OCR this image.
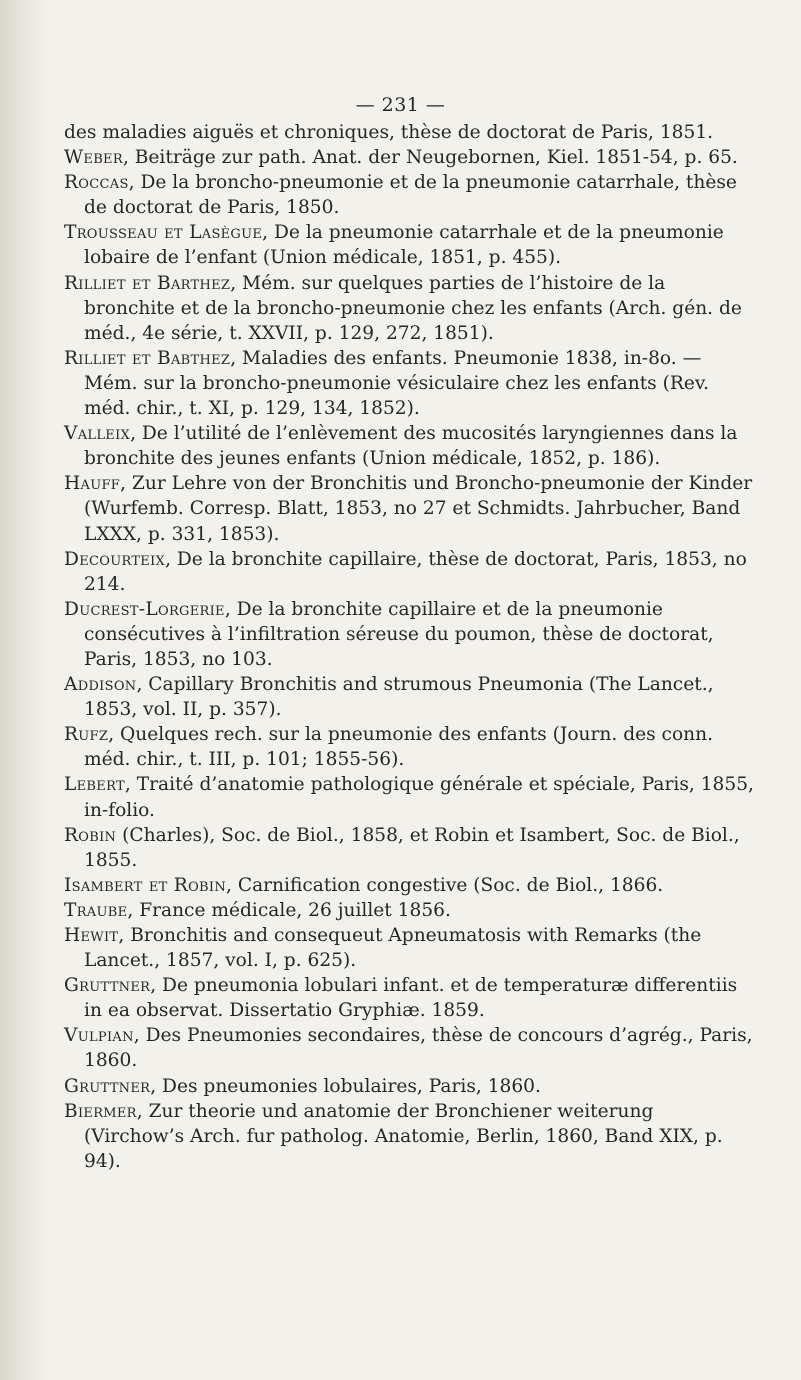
— 231 —
des maladies aiguës et chroniques, thèse de doctorat de Paris, 1851.
Weber, Beiträge zur path. Anat. der Neugebornen, Kiel. 1851-54, p. 65.
Roccas, De la broncho-pneumonie et de la pneumonie catarrhale, thèse de doctorat de Paris, 1850.
Trousseau et Lasègue, De la pneumonie catarrhale et de la pneumonie lobaire de l’enfant (Union médicale, 1851, p. 455).
Rilliet et Barthez, Mém. sur quelques parties de l’histoire de la bronchite et de la broncho-pneumonie chez les enfants (Arch. gén. de méd., 4e série, t. XXVII, p. 129, 272, 1851).
Rilliet et Babthez, Maladies des enfants. Pneumonie 1838, in-8o. — Mém. sur la broncho-pneumonie vésiculaire chez les enfants (Rev. méd. chir., t. XI, p. 129, 134, 1852).
Valleix, De l’utilité de l’enlèvement des mucosités laryngiennes dans la bronchite des jeunes enfants (Union médicale, 1852, p. 186).
Hauff, Zur Lehre von der Bronchitis und Broncho-pneumonie der Kinder (Wurfemb. Corresp. Blatt, 1853, no 27 et Schmidts. Jahrbucher, Band LXXX, p. 331, 1853).
Decourteix, De la bronchite capillaire, thèse de doctorat, Paris, 1853, no 214.
Ducrest-Lorgerie, De la bronchite capillaire et de la pneumonie consécutives à l’infiltration séreuse du poumon, thèse de doctorat, Paris, 1853, no 103.
Addison, Capillary Bronchitis and strumous Pneumonia (The Lancet., 1853, vol. II, p. 357).
Rufz, Quelques rech. sur la pneumonie des enfants (Journ. des conn. méd. chir., t. III, p. 101; 1855-56).
Lebert, Traité d’anatomie pathologique générale et spéciale, Paris, 1855, in-folio.
Robin (Charles), Soc. de Biol., 1858, et Robin et Isambert, Soc. de Biol., 1855.
Isambert et Robin, Carnification congestive (Soc. de Biol., 1866.
Traube, France médicale, 26 juillet 1856.
Hewit, Bronchitis and consequeut Apneumatosis with Remarks (the Lancet., 1857, vol. I, p. 625).
Gruttner, De pneumonia lobulari infant. et de temperaturæ differentiis in ea observat. Dissertatio Gryphiæ. 1859.
Vulpian, Des Pneumonies secondaires, thèse de concours d’agrég., Paris, 1860.
Gruttner, Des pneumonies lobulaires, Paris, 1860.
Biermer, Zur theorie und anatomie der Bronchiener weiterung (Virchow’s Arch. fur patholog. Anatomie, Berlin, 1860, Band XIX, p. 94).
